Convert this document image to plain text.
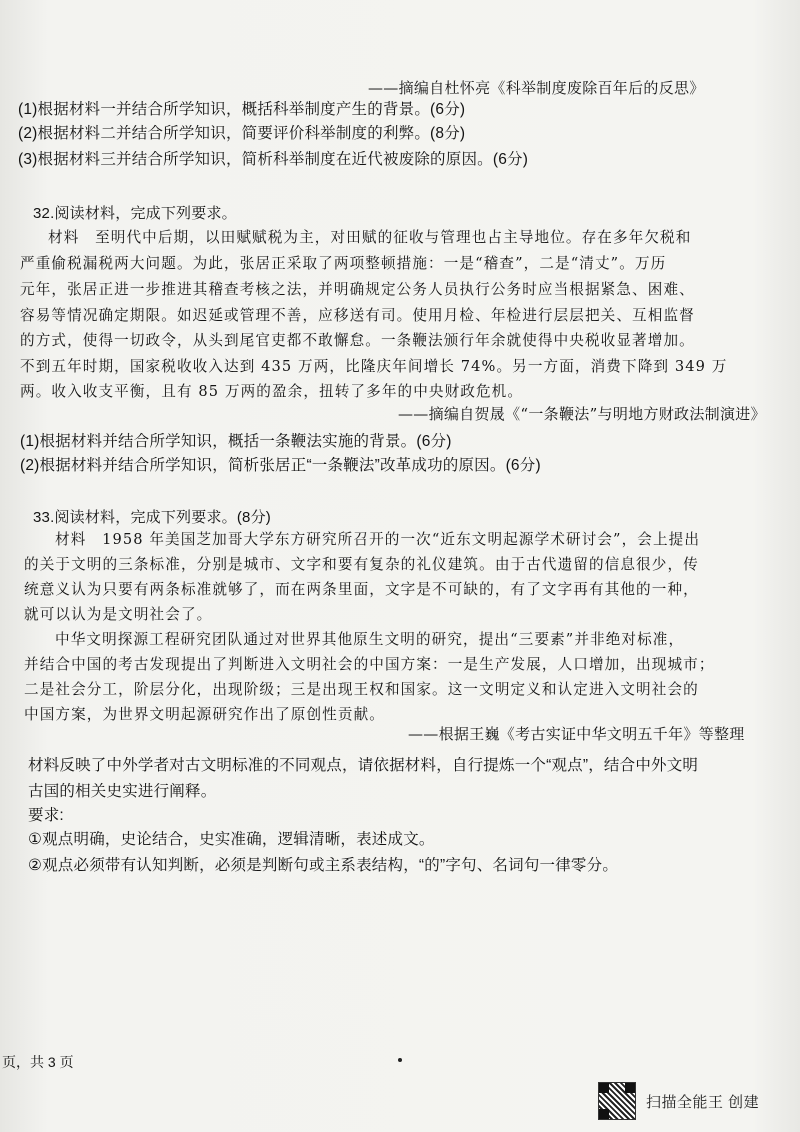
——摘编自杜怀亮《科举制度废除百年后的反思》
(1)根据材料一并结合所学知识，概括科举制度产生的背景。(6分)
(2)根据材料二并结合所学知识，简要评价科举制度的利弊。(8分)
(3)根据材料三并结合所学知识，简析科举制度在近代被废除的原因。(6分)
32.阅读材料，完成下列要求。
材料　至明代中后期，以田赋赋税为主，对田赋的征收与管理也占主导地位。存在多年欠税和
严重偷税漏税两大问题。为此，张居正采取了两项整顿措施：一是“稽查”，二是“清丈”。万历
元年，张居正进一步推进其稽查考核之法，并明确规定公务人员执行公务时应当根据紧急、困难、
容易等情况确定期限。如迟延或管理不善，应移送有司。使用月检、年检进行层层把关、互相监督
的方式，使得一切政令，从头到尾官吏都不敢懈怠。一条鞭法颁行年余就使得中央税收显著增加。
不到五年时期，国家税收收入达到 435 万两，比隆庆年间增长 74%。另一方面，消费下降到 349 万
两。收入收支平衡，且有 85 万两的盈余，扭转了多年的中央财政危机。
——摘编自贺晟《“一条鞭法”与明地方财政法制演进》
(1)根据材料并结合所学知识，概括一条鞭法实施的背景。(6分)
(2)根据材料并结合所学知识，简析张居正“一条鞭法”改革成功的原因。(6分)
33.阅读材料，完成下列要求。(8分)
材料　1958 年美国芝加哥大学东方研究所召开的一次“近东文明起源学术研讨会”，会上提出
的关于文明的三条标准，分别是城市、文字和要有复杂的礼仪建筑。由于古代遗留的信息很少，传
统意义认为只要有两条标准就够了，而在两条里面，文字是不可缺的，有了文字再有其他的一种，
就可以认为是文明社会了。
中华文明探源工程研究团队通过对世界其他原生文明的研究，提出“三要素”并非绝对标准，
并结合中国的考古发现提出了判断进入文明社会的中国方案：一是生产发展，人口增加，出现城市；
二是社会分工，阶层分化，出现阶级；三是出现王权和国家。这一文明定义和认定进入文明社会的
中国方案，为世界文明起源研究作出了原创性贡献。
——根据王巍《考古实证中华文明五千年》等整理
材料反映了中外学者对古文明标准的不同观点，请依据材料，自行提炼一个“观点”，结合中外文明
古国的相关史实进行阐释。
要求:
①观点明确，史论结合，史实准确，逻辑清晰，表述成文。
②观点必须带有认知判断，必须是判断句或主系表结构，“的”字句、名词句一律零分。
页，共 3 页
扫描全能王 创建
